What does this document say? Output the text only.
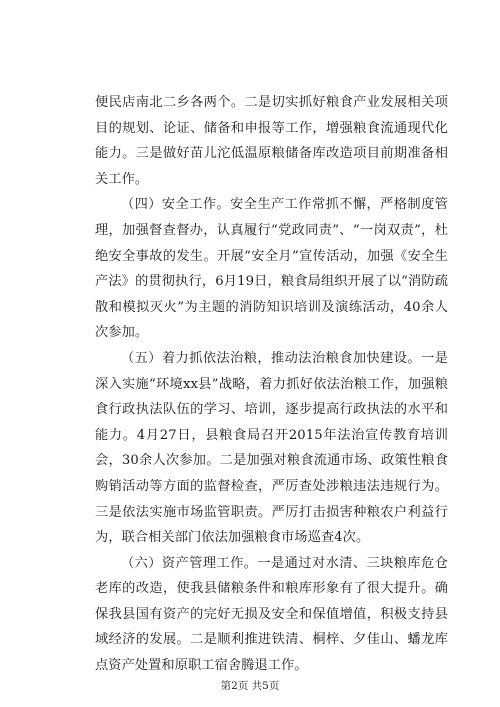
便民店南北二乡各两个。二是切实抓好粮食产业发展相关项目的规划、论证、储备和申报等工作，增强粮食流通现代化能力。三是做好苗儿沱低温原粮储备库改造项目前期准备相关工作。

（四）安全工作。安全生产工作常抓不懈，严格制度管理，加强督查督办，认真履行“党政同责”、“一岗双责”，杜绝安全事故的发生。开展“安全月”宣传活动，加强《安全生产法》的贯彻执行，6月19日，粮食局组织开展了以“消防疏散和模拟灭火”为主题的消防知识培训及演练活动，40余人次参加。

（五）着力抓依法治粮，推动法治粮食加快建设。一是深入实施“环境xx县”战略，着力抓好依法治粮工作，加强粮食行政执法队伍的学习、培训，逐步提高行政执法的水平和能力。4月27日，县粮食局召开2015年法治宣传教育培训会，30余人次参加。二是加强对粮食流通市场、政策性粮食购销活动等方面的监督检查，严厉查处涉粮违法违规行为。三是依法实施市场监管职责。严厉打击损害种粮农户利益行为，联合相关部门依法加强粮食市场巡查4次。

（六）资产管理工作。一是通过对水清、三块粮库危仓老库的改造，使我县储粮条件和粮库形象有了很大提升。确保我县国有资产的完好无损及安全和保值增值，积极支持县域经济的发展。二是顺利推进铁清、桐梓、夕佳山、蟠龙库点资产处置和原职工宿舍腾退工作。

第2页 共5页
